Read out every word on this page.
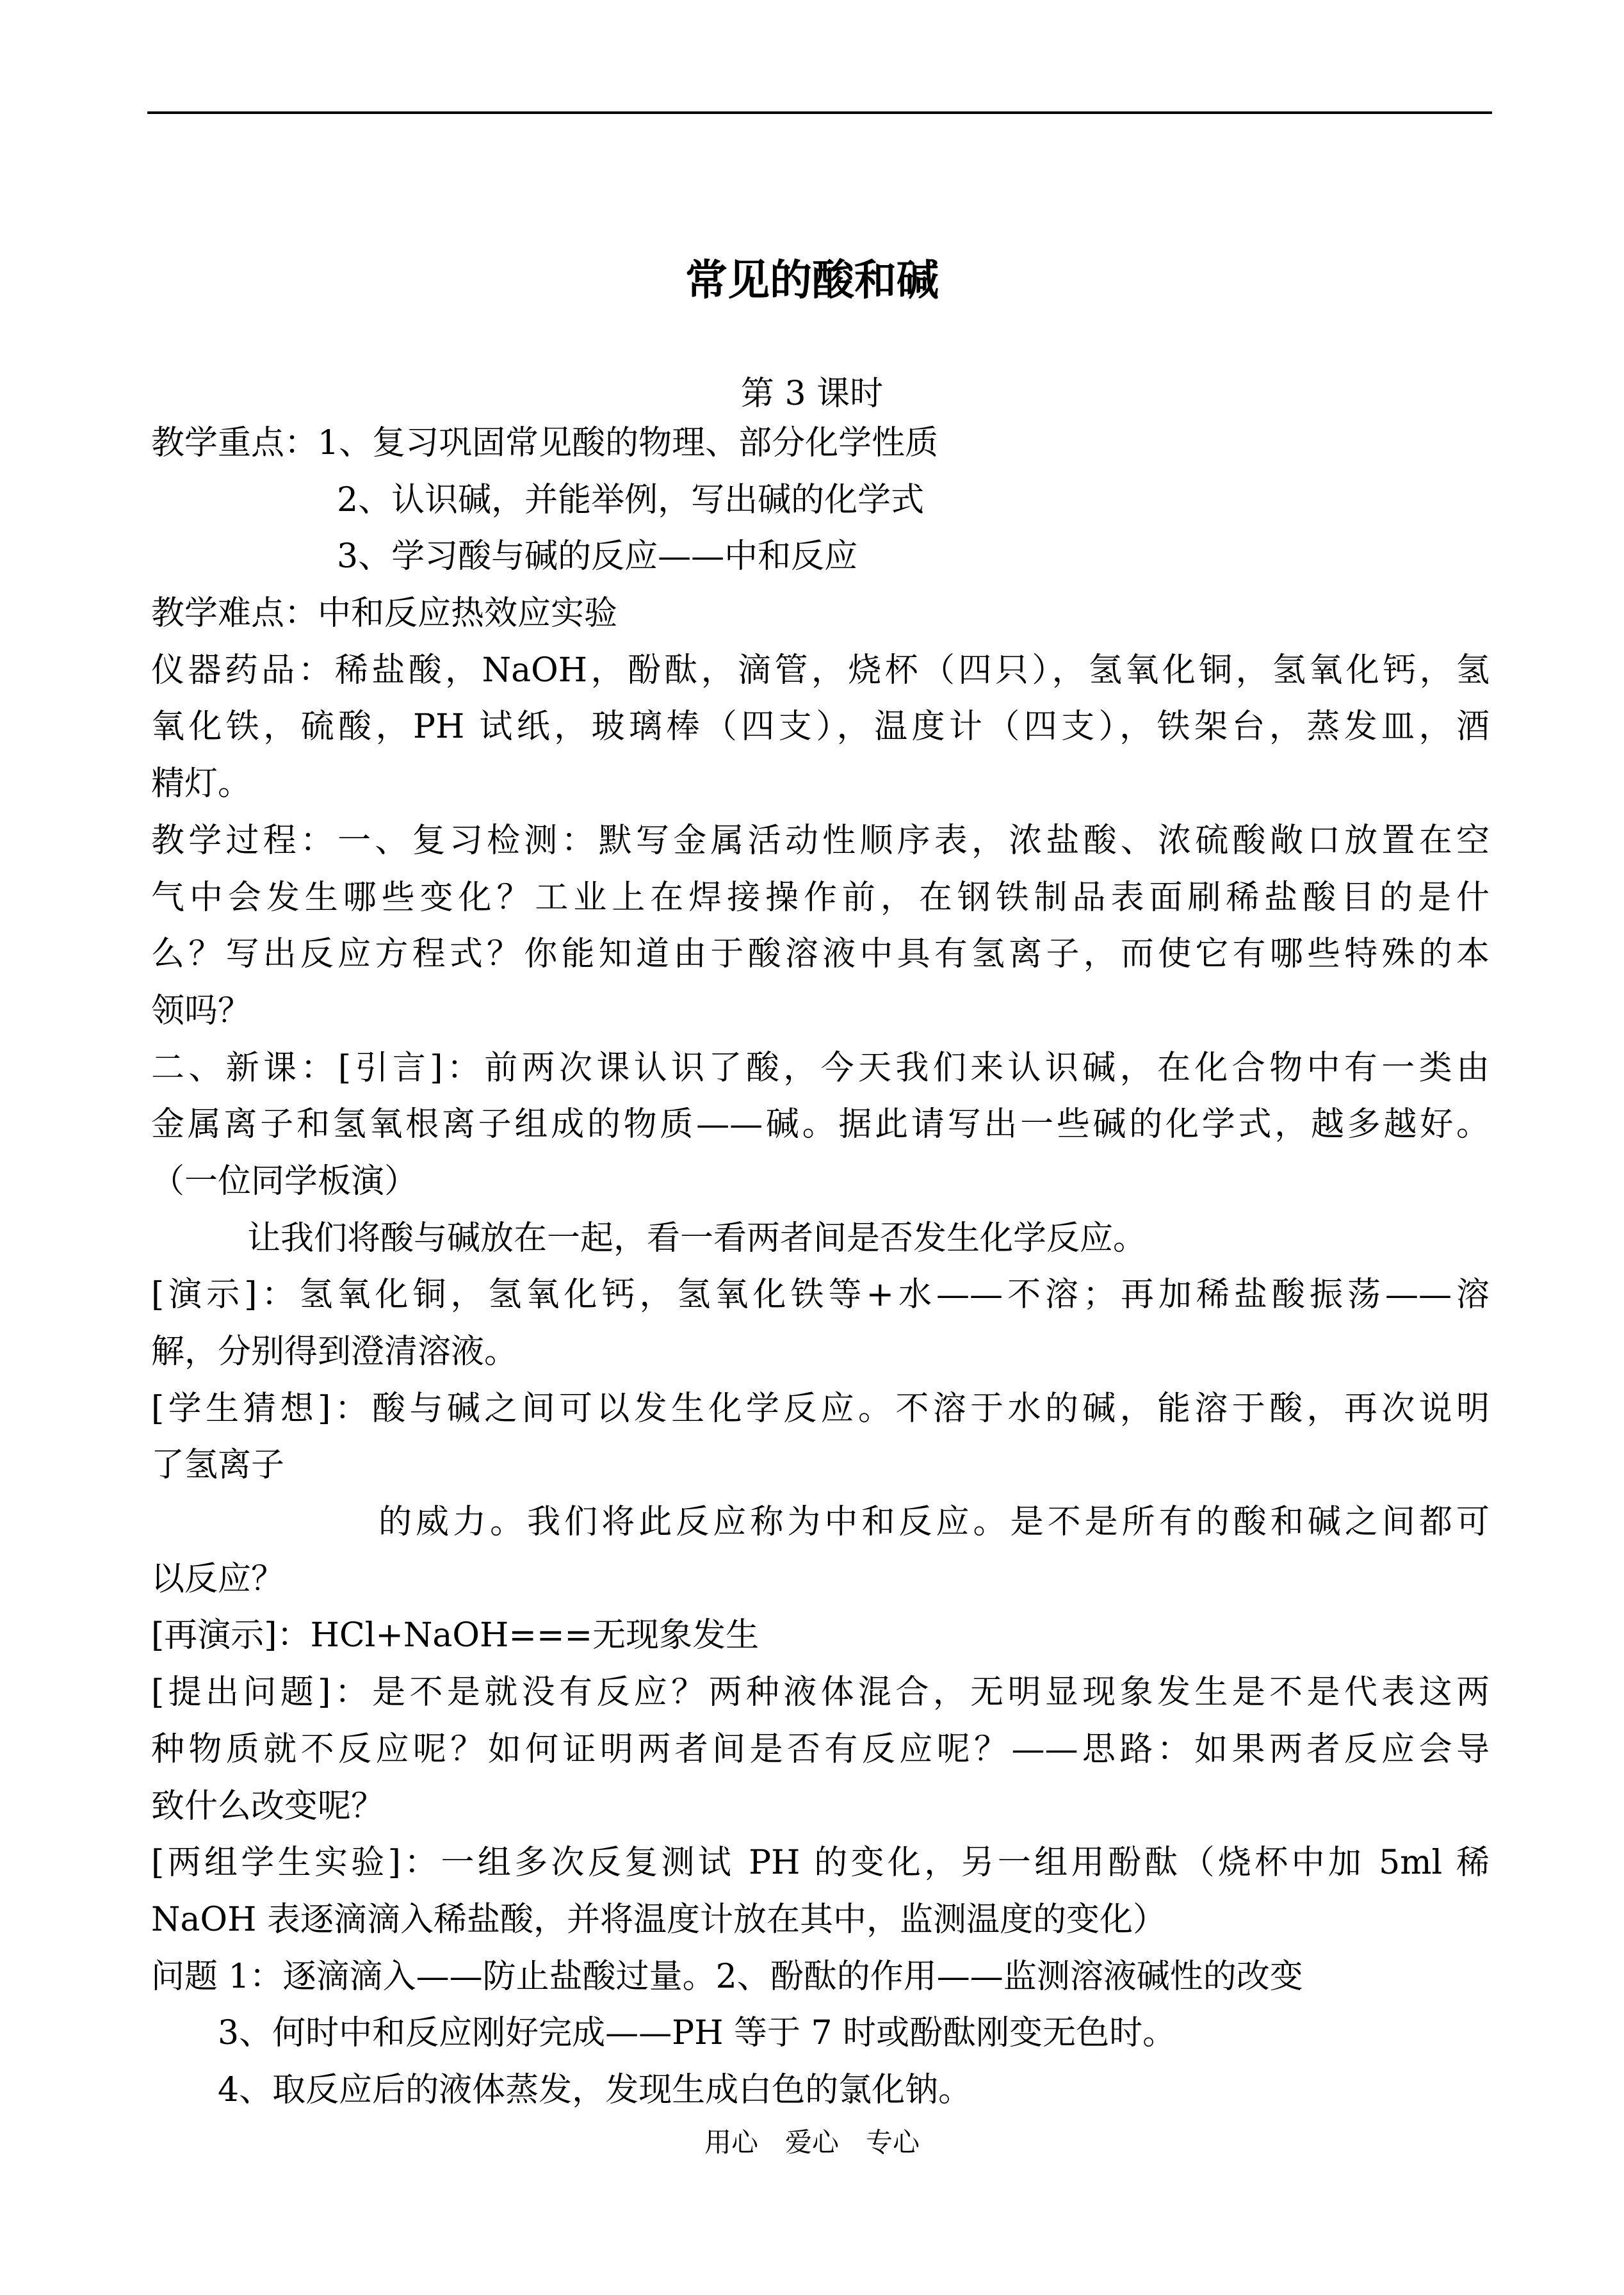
常见的酸和碱
第 3 课时
教学重点：1、复习巩固常见酸的物理、部分化学性质
2、认识碱，并能举例，写出碱的化学式
3、学习酸与碱的反应——中和反应
教学难点：中和反应热效应实验
仪器药品：稀盐酸，NaOH，酚酞，滴管，烧杯（四只），氢氧化铜，氢氧化钙，氢
氧化铁，硫酸，PH 试纸，玻璃棒（四支），温度计（四支），铁架台，蒸发皿，酒
精灯。
教学过程：一、复习检测：默写金属活动性顺序表，浓盐酸、浓硫酸敞口放置在空
气中会发生哪些变化？工业上在焊接操作前，在钢铁制品表面刷稀盐酸目的是什
么？写出反应方程式？你能知道由于酸溶液中具有氢离子，而使它有哪些特殊的本
领吗？
二、新课：[引言]：前两次课认识了酸，今天我们来认识碱，在化合物中有一类由
金属离子和氢氧根离子组成的物质——碱。据此请写出一些碱的化学式，越多越好。
（一位同学板演）
让我们将酸与碱放在一起，看一看两者间是否发生化学反应。
[演示]：氢氧化铜，氢氧化钙，氢氧化铁等+水——不溶；再加稀盐酸振荡——溶
解，分别得到澄清溶液。
[学生猜想]：酸与碱之间可以发生化学反应。不溶于水的碱，能溶于酸，再次说明
了氢离子
的威力。我们将此反应称为中和反应。是不是所有的酸和碱之间都可
以反应？
[再演示]：HCl+NaOH===无现象发生
[提出问题]：是不是就没有反应？两种液体混合，无明显现象发生是不是代表这两
种物质就不反应呢？如何证明两者间是否有反应呢？——思路：如果两者反应会导
致什么改变呢？
[两组学生实验]：一组多次反复测试 PH 的变化，另一组用酚酞（烧杯中加 5ml 稀
NaOH 表逐滴滴入稀盐酸，并将温度计放在其中，监测温度的变化）
问题 1：逐滴滴入——防止盐酸过量。2、酚酞的作用——监测溶液碱性的改变
3、何时中和反应刚好完成——PH 等于 7 时或酚酞刚变无色时。
4、取反应后的液体蒸发，发现生成白色的氯化钠。
用心　爱心　专心
